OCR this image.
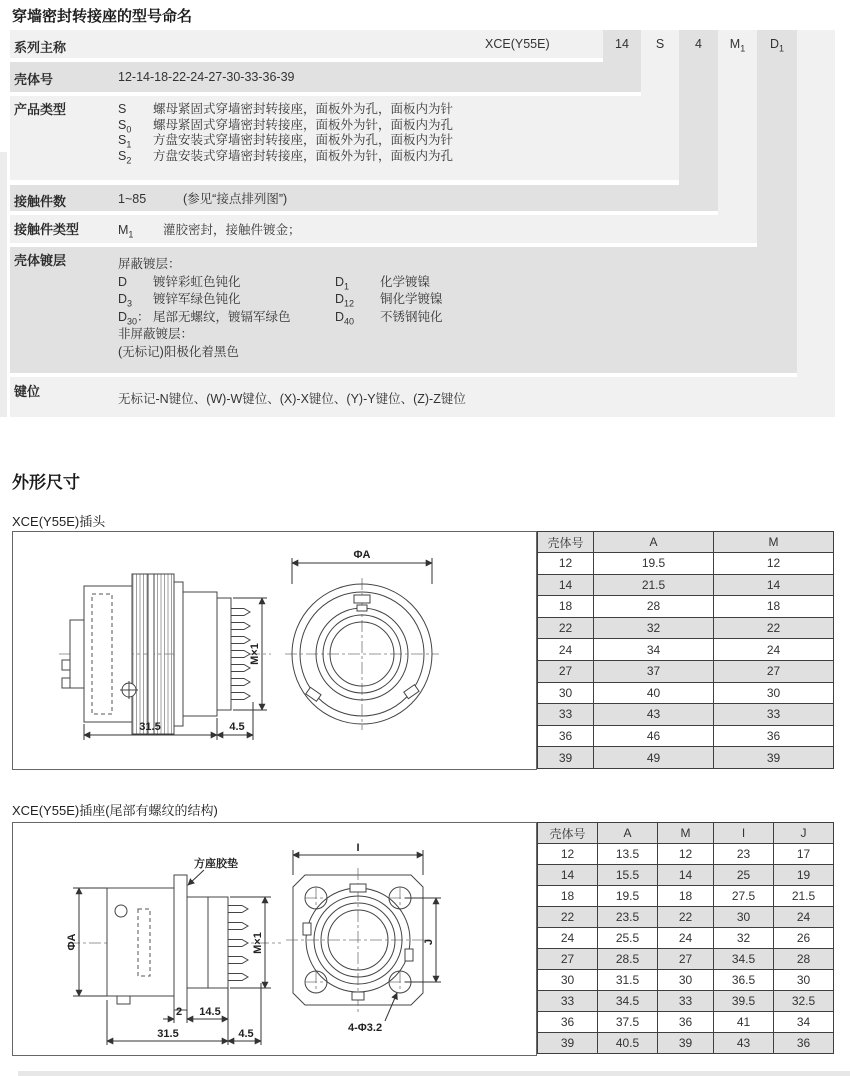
穿墙密封转接座的型号命名
14	S	4	$M_1$	$D_1$
系列主称	XCE(Y55E)
壳体号	12-14-18-22-24-27-30-33-36-39
产品类型	S 螺母紧固式穿墙密封转接座，面板外为孔，面板内为针
$S_0$ 螺母紧固式穿墙密封转接座，面板外为针，面板内为孔
$S_1$ 方盘安装式穿墙密封转接座，面板外为孔，面板内为针
$S_2$ 方盘安装式穿墙密封转接座，面板外为针，面板内为孔
接触件数	1~85	(参见“接点排列图”)
接触件类型	$M_1$ 灌胶密封，接触件镀金；
壳体镀层	屏蔽镀层：
D 镀锌彩虹色钝化	$D_1$ 化学镀镍
$D_3$ 镀锌军绿色钝化	$D_{12}$ 铜化学镀镍
$D_{30}$： 尾部无螺纹，镀镉军绿色	$D_{40}$ 不锈钢钝化
非屏蔽镀层：
(无标记)阳极化着黑色
键位	无标记-N键位、(W)-W键位、(X)-X键位、(Y)-Y键位、(Z)-Z键位
外形尺寸
XCE(Y55E)插头
31.5	4.5
M×1
ΦA
壳体号	A	M
12	19.5	12
14	21.5	14
18	28	18
22	32	22
24	34	24
27	37	27
30	40	30
33	43	33
36	46	36
39	49	39
XCE(Y55E)插座(尾部有螺纹的结构)
ΦA
方座胶垫
M×1
2 14.5
31.5	4.5
I
J
4-Φ3.2
壳体号	A	M	I	J
12	13.5	12	23	17
14	15.5	14	25	19
18	19.5	18	27.5	21.5
22	23.5	22	30	24
24	25.5	24	32	26
27	28.5	27	34.5	28
30	31.5	30	36.5	30
33	34.5	33	39.5	32.5
36	37.5	36	41	34
39	40.5	39	43	36
